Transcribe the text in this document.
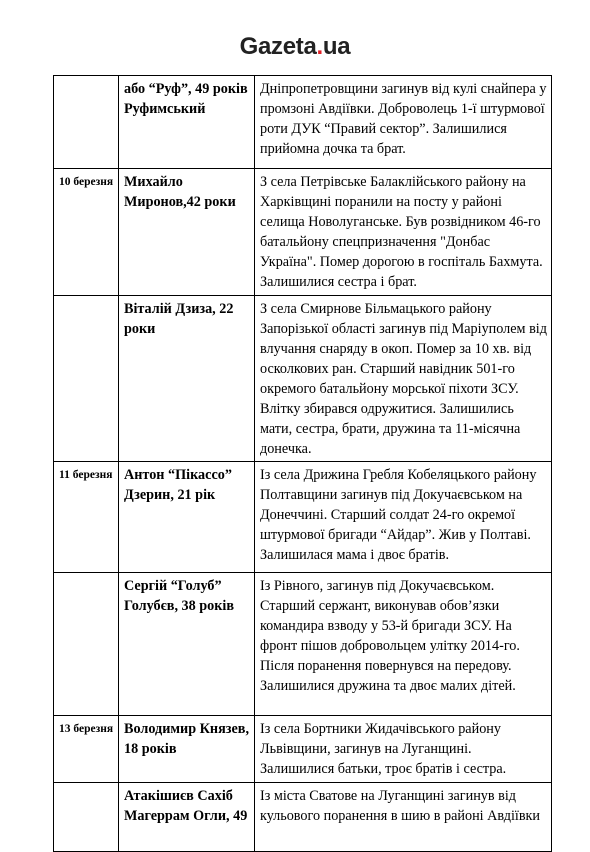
Gazeta.ua
	або “Руф”, 49 років Руфимський	Дніпропетровщини загинув від кулі снайпера у промзоні Авдіївки. Доброволець 1-ї штурмової роти ДУК “Правий сектор”. Залишилися прийомна дочка та брат.
10 березня	Михайло Миронов,42 роки	З села Петрівське Балаклійського району на Харківщині поранили на посту у районі селища Новолуганське. Був розвідником 46-го батальйону спецпризначення "Донбас Україна". Помер дорогою в госпіталь Бахмута. Залишилися сестра і брат.
	Віталій Дзиза, 22 роки	З села Смирнове Більмацького району Запорізької області загинув під Маріуполем від влучання снаряду в окоп. Помер за 10 хв. від осколкових ран. Старший навідник 501-го окремого батальйону морської піхоти ЗСУ. Влітку збирався одружитися. Залишились мати, сестра, брати, дружина та 11-місячна донечка.
11 березня	Антон “Пікассо” Дзерин, 21 рік	Із села Дрижина Гребля Кобеляцького району Полтавщини загинув під Докучаєвськом на Донеччині. Старший солдат 24-го окремої штурмової бригади “Айдар”. Жив у Полтаві. Залишилася мама і двоє братів.
	Сергій “Голуб” Голубєв, 38 років	Із Рівного, загинув під Докучаєвськом. Старший сержант, виконував обов’язки командира взводу у 53-й бригади ЗСУ. На фронт пішов добровольцем улітку 2014-го. Після поранення повернувся на передову. Залишилися дружина та двоє малих дітей.
13 березня	Володимир Князев, 18 років	Із села Бортники Жидачівського району Львівщини, загинув на Луганщині. Залишилися батьки, троє братів і сестра.
	Атакішиєв Сахіб Магеррам Огли, 49	Із міста Сватове на Луганщині загинув від кульового поранення в шию в районі Авдіївки
